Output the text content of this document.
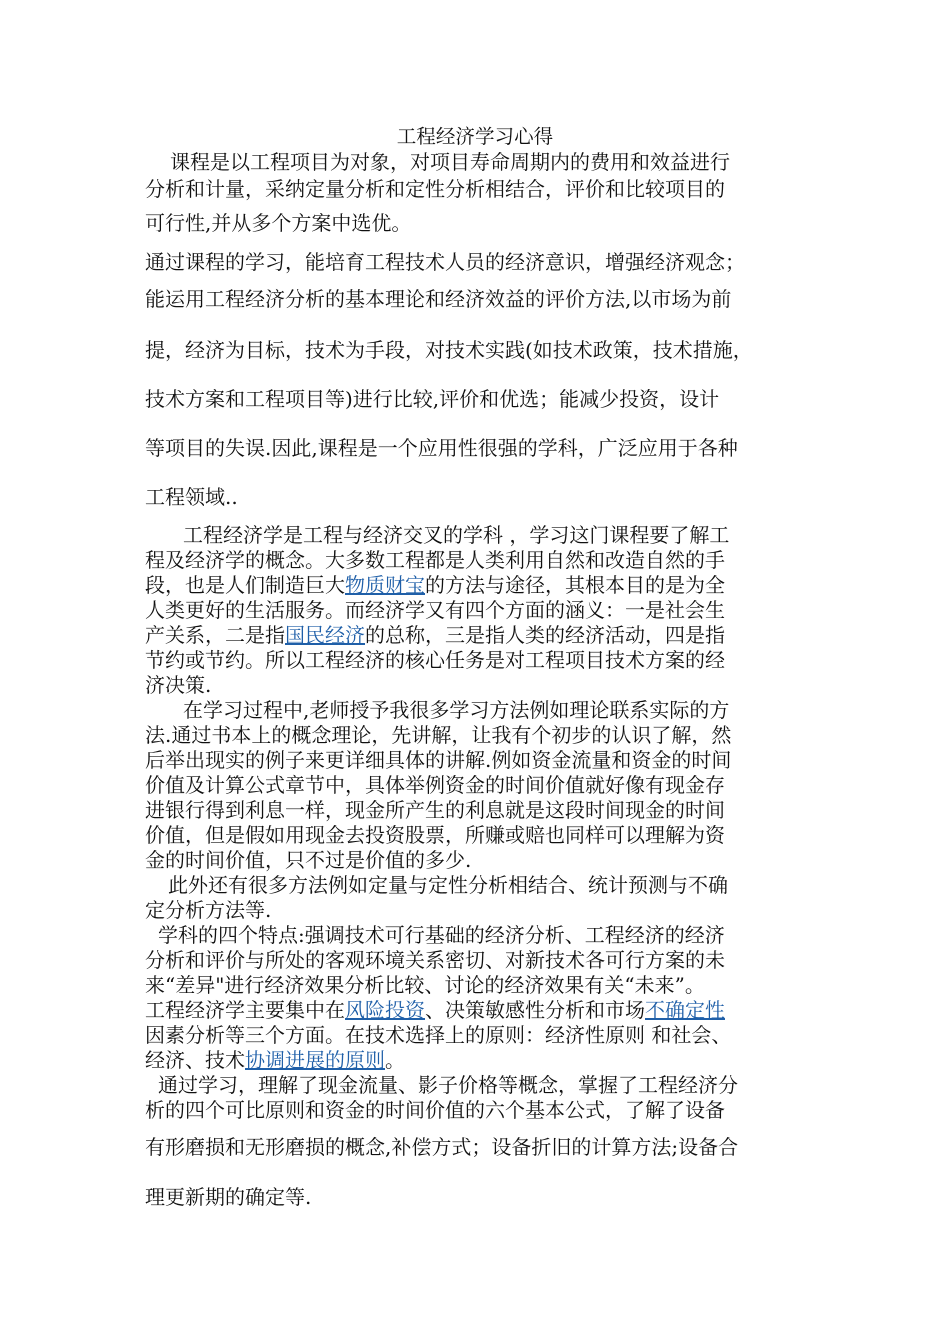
工程经济学习心得
课程是以工程项目为对象，对项目寿命周期内的费用和效益进行
分析和计量，采纳定量分析和定性分析相结合，评价和比较项目的
可行性,并从多个方案中选优。
通过课程的学习，能培育工程技术人员的经济意识，增强经济观念；
能运用工程经济分析的基本理论和经济效益的评价方法,以市场为前
提，经济为目标，技术为手段，对技术实践(如技术政策，技术措施，
技术方案和工程项目等)进行比较,评价和优选；能减少投资，设计
等项目的失误.因此,课程是一个应用性很强的学科，广泛应用于各种
工程领域..
工程经济学是工程与经济交叉的学科 ，学习这门课程要了解工
程及经济学的概念。大多数工程都是人类利用自然和改造自然的手
段，也是人们制造巨大物质财宝的方法与途径，其根本目的是为全
人类更好的生活服务。而经济学又有四个方面的涵义：一是社会生
产关系，二是指国民经济的总称，三是指人类的经济活动，四是指
节约或节约。所以工程经济的核心任务是对工程项目技术方案的经
济决策.
在学习过程中,老师授予我很多学习方法例如理论联系实际的方
法.通过书本上的概念理论，先讲解，让我有个初步的认识了解，然
后举出现实的例子来更详细具体的讲解.例如资金流量和资金的时间
价值及计算公式章节中，具体举例资金的时间价值就好像有现金存
进银行得到利息一样，现金所产生的利息就是这段时间现金的时间
价值，但是假如用现金去投资股票，所赚或赔也同样可以理解为资
金的时间价值，只不过是价值的多少.
此外还有很多方法例如定量与定性分析相结合、统计预测与不确
定分析方法等.
学科的四个特点:强调技术可行基础的经济分析、工程经济的经济
分析和评价与所处的客观环境关系密切、对新技术各可行方案的未
来“差异"进行经济效果分析比较、讨论的经济效果有关“未来”。
工程经济学主要集中在风险投资、决策敏感性分析和市场不确定性
因素分析等三个方面。在技术选择上的原则：经济性原则 和社会、
经济、技术协调进展的原则。
通过学习，理解了现金流量、影子价格等概念，掌握了工程经济分
析的四个可比原则和资金的时间价值的六个基本公式，了解了设备
有形磨损和无形磨损的概念,补偿方式；设备折旧的计算方法;设备合
理更新期的确定等.
